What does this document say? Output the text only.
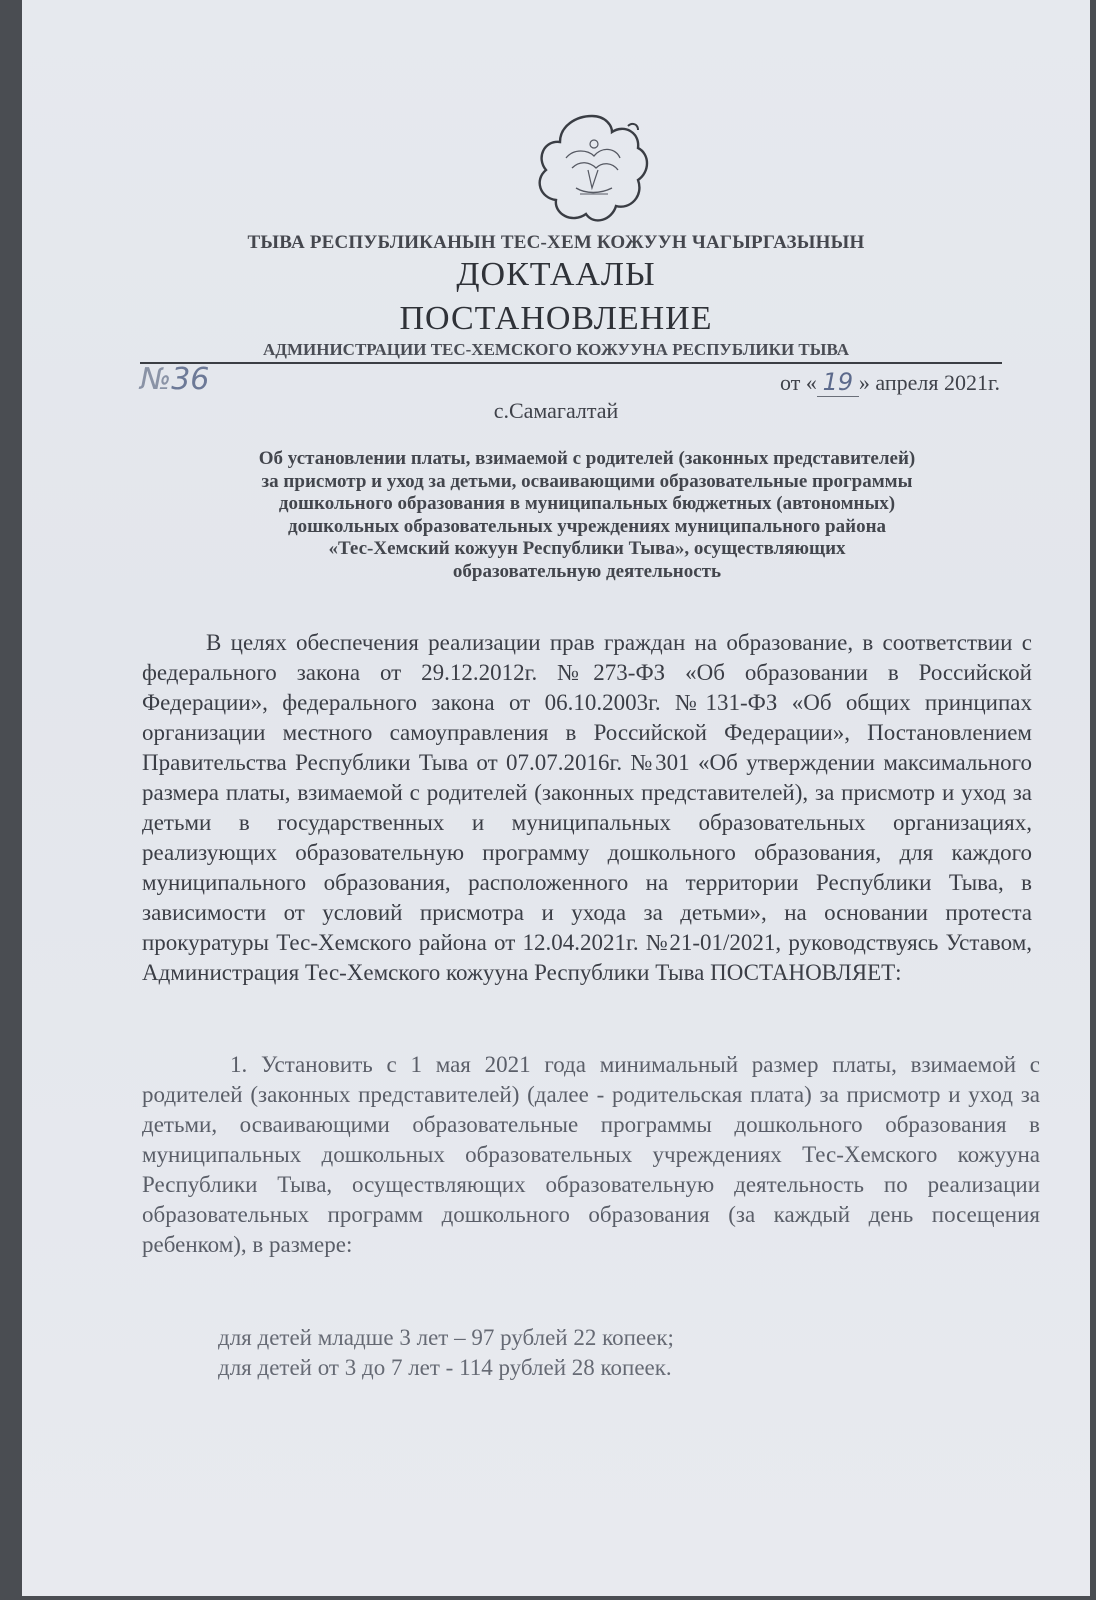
ТЫВА РЕСПУБЛИКАНЫН ТЕС-ХЕМ КОЖУУН ЧАГЫРГАЗЫНЫН
ДОКТААЛЫ
ПОСТАНОВЛЕНИЕ
АДМИНИСТРАЦИИ ТЕС-ХЕМСКОГО КОЖУУНА РЕСПУБЛИКИ ТЫВА
№36	от « 19 » апреля 2021г.
с.Самагалтай
Об установлении платы, взимаемой с родителей (законных представителей)
за присмотр и уход за детьми, осваивающими образовательные программы
дошкольного образования в муниципальных бюджетных (автономных)
дошкольных образовательных учреждениях муниципального района
«Тес-Хемский кожуун Республики Тыва», осуществляющих
образовательную деятельность
В целях обеспечения реализации прав граждан на образование, в соответствии с федерального закона от 29.12.2012г. №273-ФЗ «Об образовании в Российской Федерации», федерального закона от 06.10.2003г. №131-ФЗ «Об общих принципах организации местного самоуправления в Российской Федерации», Постановлением Правительства Республики Тыва от 07.07.2016г. №301 «Об утверждении максимального размера платы, взимаемой с родителей (законных представителей), за присмотр и уход за детьми в государственных и муниципальных образовательных организациях, реализующих образовательную программу дошкольного образования, для каждого муниципального образования, расположенного на территории Республики Тыва, в зависимости от условий присмотра и ухода за детьми», на основании протеста прокуратуры Тес-Хемского района от 12.04.2021г. №21-01/2021, руководствуясь Уставом, Администрация Тес-Хемского кожууна Республики Тыва ПОСТАНОВЛЯЕТ:
1. Установить с 1 мая 2021 года минимальный размер платы, взимаемой с родителей (законных представителей) (далее - родительская плата) за присмотр и уход за детьми, осваивающими образовательные программы дошкольного образования в муниципальных дошкольных образовательных учреждениях Тес-Хемского кожууна Республики Тыва, осуществляющих образовательную деятельность по реализации образовательных программ дошкольного образования (за каждый день посещения ребенком), в размере:
для детей младше 3 лет – 97 рублей 22 копеек;
для детей от 3 до 7 лет - 114 рублей 28 копеек.
